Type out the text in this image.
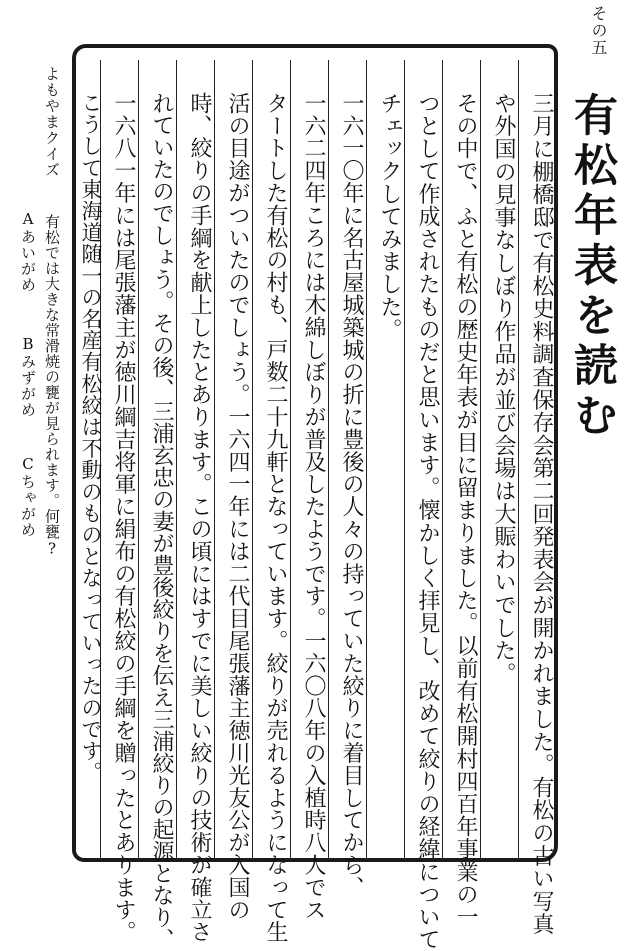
その五
有松年表を読む
三月に棚橋邸で有松史料調査保存会第二回発表会が開かれました。有松の古い写真
や外国の見事なしぼり作品が並び会場は大賑わいでした。
その中で、ふと有松の歴史年表が目に留まりました。以前有松開村四百年事業の一
つとして作成されたものだと思います。懐かしく拝見し、改めて絞りの経緯について
チェックしてみました。
一六一〇年に名古屋城築城の折に豊後の人々の持っていた絞りに着目してから、
一六二四年ころには木綿しぼりが普及したようです。一六〇八年の入植時八人でス
タートした有松の村も、戸数二十九軒となっています。絞りが売れるようになって生
活の目途がついたのでしょう。一六四一年には二代目尾張藩主徳川光友公が入国の
時、絞りの手綱を献上したとあります。この頃にはすでに美しい絞りの技術が確立さ
れていたのでしょう。その後、三浦玄忠の妻が豊後絞りを伝え三浦絞りの起源となり、
一六八一年には尾張藩主が徳川綱吉将軍に絹布の有松絞の手綱を贈ったとあります。
こうして東海道随一の名産有松絞は不動のものとなっていったのです。
よもやまクイズ
有松では大きな常滑焼の甕が見られます。何甕?
Aあいがめ
Bみずがめ
Cちゃがめ
